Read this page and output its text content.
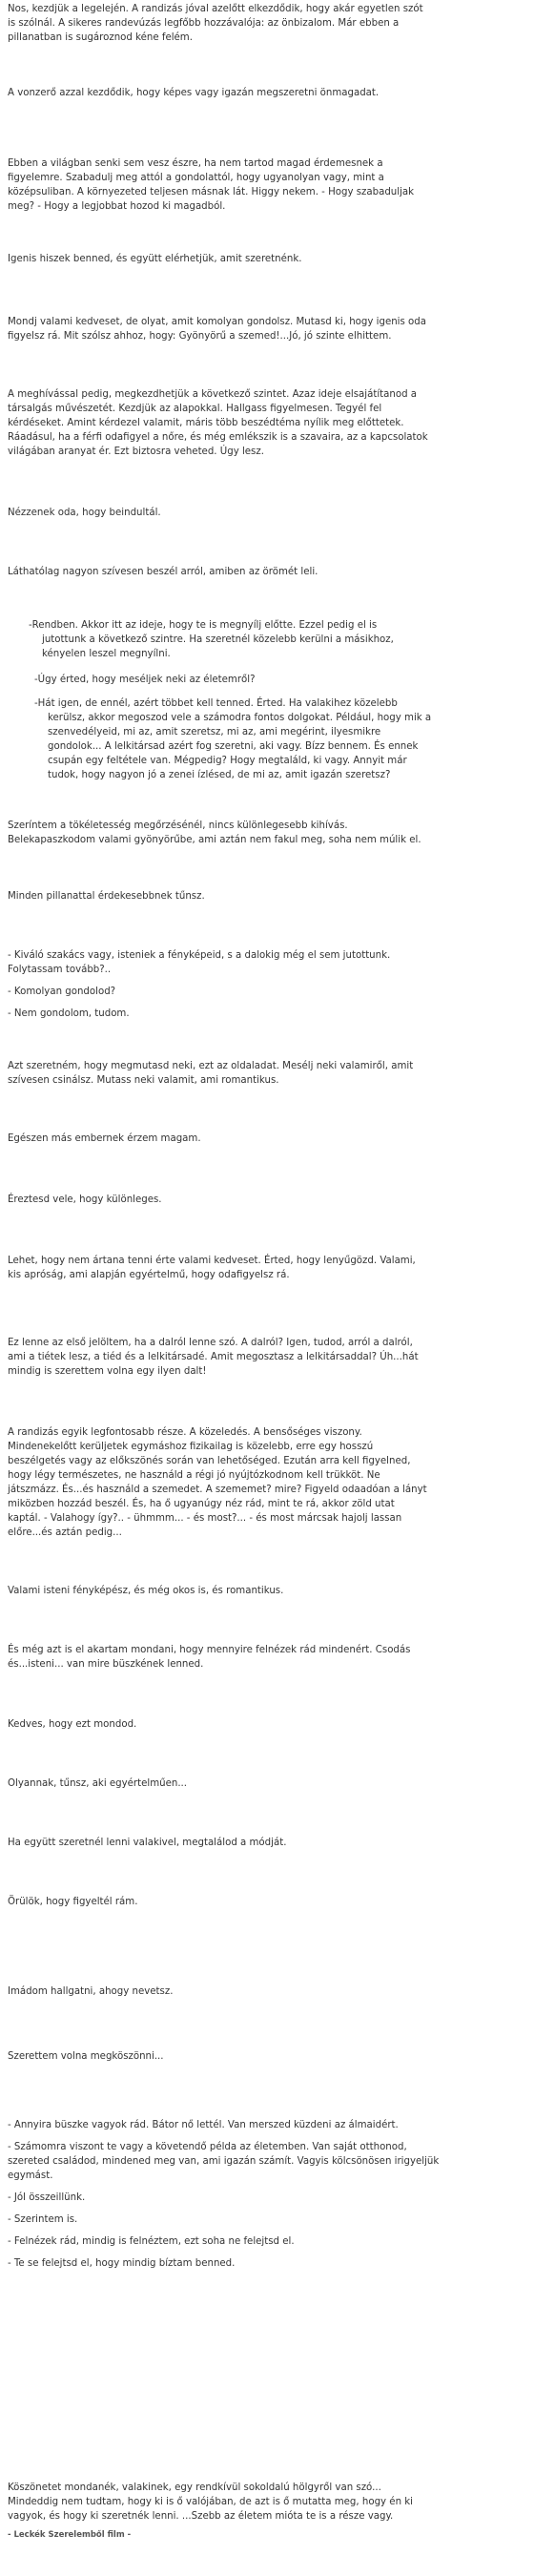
Nos, kezdjük a legelején. A randizás jóval azelőtt elkezdődik, hogy akár egyetlen szót

is szólnál. A sikeres randevúzás legfőbb hozzávalója: az önbizalom. Már ebben a

pillanatban is sugároznod kéne felém.

A vonzerő azzal kezdődik, hogy képes vagy igazán megszeretni önmagadat.

Ebben a világban senki sem vesz észre, ha nem tartod magad érdemesnek a

figyelemre. Szabadulj meg attól a gondolattól, hogy ugyanolyan vagy, mint a

középsuliban. A környezeted teljesen másnak lát. Higgy nekem. - Hogy szabaduljak

meg? - Hogy a legjobbat hozod ki magadból.

Igenis hiszek benned, és együtt elérhetjük, amit szeretnénk.

Mondj valami kedveset, de olyat, amit komolyan gondolsz. Mutasd ki, hogy igenis oda

figyelsz rá. Mit szólsz ahhoz, hogy: Gyönyörű a szemed!...Jó, jó szinte elhittem.

A meghívással pedig, megkezdhetjük a következő szintet. Azaz ideje elsajátítanod a

társalgás művészetét. Kezdjük az alapokkal. Hallgass figyelmesen. Tegyél fel

kérdéseket. Amint kérdezel valamit, máris több beszédtéma nyílik meg előttetek.

Ráadásul, ha a férfi odafigyel a nőre, és még emlékszik is a szavaira, az a kapcsolatok

világában aranyat ér. Ezt biztosra veheted. Úgy lesz.

Nézzenek oda, hogy beindultál.

Láthatólag nagyon szívesen beszél arról, amiben az örömét leli.

-Rendben. Akkor itt az ideje, hogy te is megnyílj előtte. Ezzel pedig el is
jutottunk a következő szintre. Ha szeretnél közelebb kerülni a másikhoz,
kényelen leszel megnyílni.
-Úgy érted, hogy meséljek neki az életemről?
-Hát igen, de ennél, azért többet kell tenned. Érted. Ha valakihez közelebb
kerülsz, akkor megoszod vele a számodra fontos dolgokat. Például, hogy mik a
szenvedélyeid, mi az, amit szeretsz, mi az, ami megérint, ilyesmikre
gondolok... A lelkitársad azért fog szeretni, aki vagy. Bízz bennem. És ennek
csupán egy feltétele van. Mégpedig? Hogy megtaláld, ki vagy. Annyit már
tudok, hogy nagyon jó a zenei ízlésed, de mi az, amit igazán szeretsz?

Szeríntem a tökéletesség megőrzésénél, nincs különlegesebb kihívás.

Belekapaszkodom valami gyönyörűbe, ami aztán nem fakul meg, soha nem múlik el.

Minden pillanattal érdekesebbnek tűnsz.

- Kiváló szakács vagy, isteniek a fényképeid, s a dalokig még el sem jutottunk.

Folytassam tovább?..

- Komolyan gondolod?

- Nem gondolom, tudom.

Azt szeretném, hogy megmutasd neki, ezt az oldaladat. Mesélj neki valamiről, amit

szívesen csinálsz. Mutass neki valamit, ami romantikus.

Egészen más embernek érzem magam.

Éreztesd vele, hogy különleges.

Lehet, hogy nem ártana tenni érte valami kedveset. Érted, hogy lenyűgözd. Valami,

kis apróság, ami alapján egyértelmű, hogy odafigyelsz rá.

Ez lenne az első jelöltem, ha a dalról lenne szó. A dalról? Igen, tudod, arról a dalról,

ami a tiétek lesz, a tiéd és a lelkitársadé. Amit megosztasz a lelkitársaddal? Úh...hát

mindig is szerettem volna egy ilyen dalt!

A randizás egyik legfontosabb része. A közeledés. A bensőséges viszony.

Mindenekelőtt kerüljetek egymáshoz fizikailag is közelebb, erre egy hosszú

beszélgetés vagy az előkszönés során van lehetőséged. Ezután arra kell figyelned,

hogy légy természetes, ne használd a régi jó nyújtózkodnom kell trükköt. Ne

játszmázz. És...és használd a szemedet. A szememet? mire? Figyeld odaadóan a lányt

miközben hozzád beszél. És, ha ő ugyanúgy néz rád, mint te rá, akkor zöld utat

kaptál. - Valahogy így?.. - ühmmm... - és most?... - és most márcsak hajolj lassan

előre...és aztán pedig...

Valami isteni fényképész, és még okos is, és romantikus.

És még azt is el akartam mondani, hogy mennyire felnézek rád mindenért. Csodás

és...isteni... van mire büszkének lenned.

Kedves, hogy ezt mondod.

Olyannak, tűnsz, aki egyértelműen...

Ha együtt szeretnél lenni valakivel, megtalálod a módját.

Örülök, hogy figyeltél rám.

Imádom hallgatni, ahogy nevetsz.

Szerettem volna megköszönni...

- Annyira büszke vagyok rád. Bátor nő lettél. Van merszed küzdeni az álmaidért.

- Számomra viszont te vagy a követendő példa az életemben. Van saját otthonod,

szereted családod, mindened meg van, ami igazán számít. Vagyis kölcsönösen irigyeljük

egymást.

- Jól összeillünk.

- Szerintem is.

- Felnézek rád, mindig is felnéztem, ezt soha ne felejtsd el.

- Te se felejtsd el, hogy mindig bíztam benned.

Köszönetet mondanék, valakinek, egy rendkívül sokoldalú hölgyről van szó...

Mindeddig nem tudtam, hogy ki is ő valójában, de azt is ő mutatta meg, hogy én ki

vagyok, és hogy ki szeretnék lenni. ...Szebb az életem mióta te is a része vagy.

- Leckék Szerelemből film -
